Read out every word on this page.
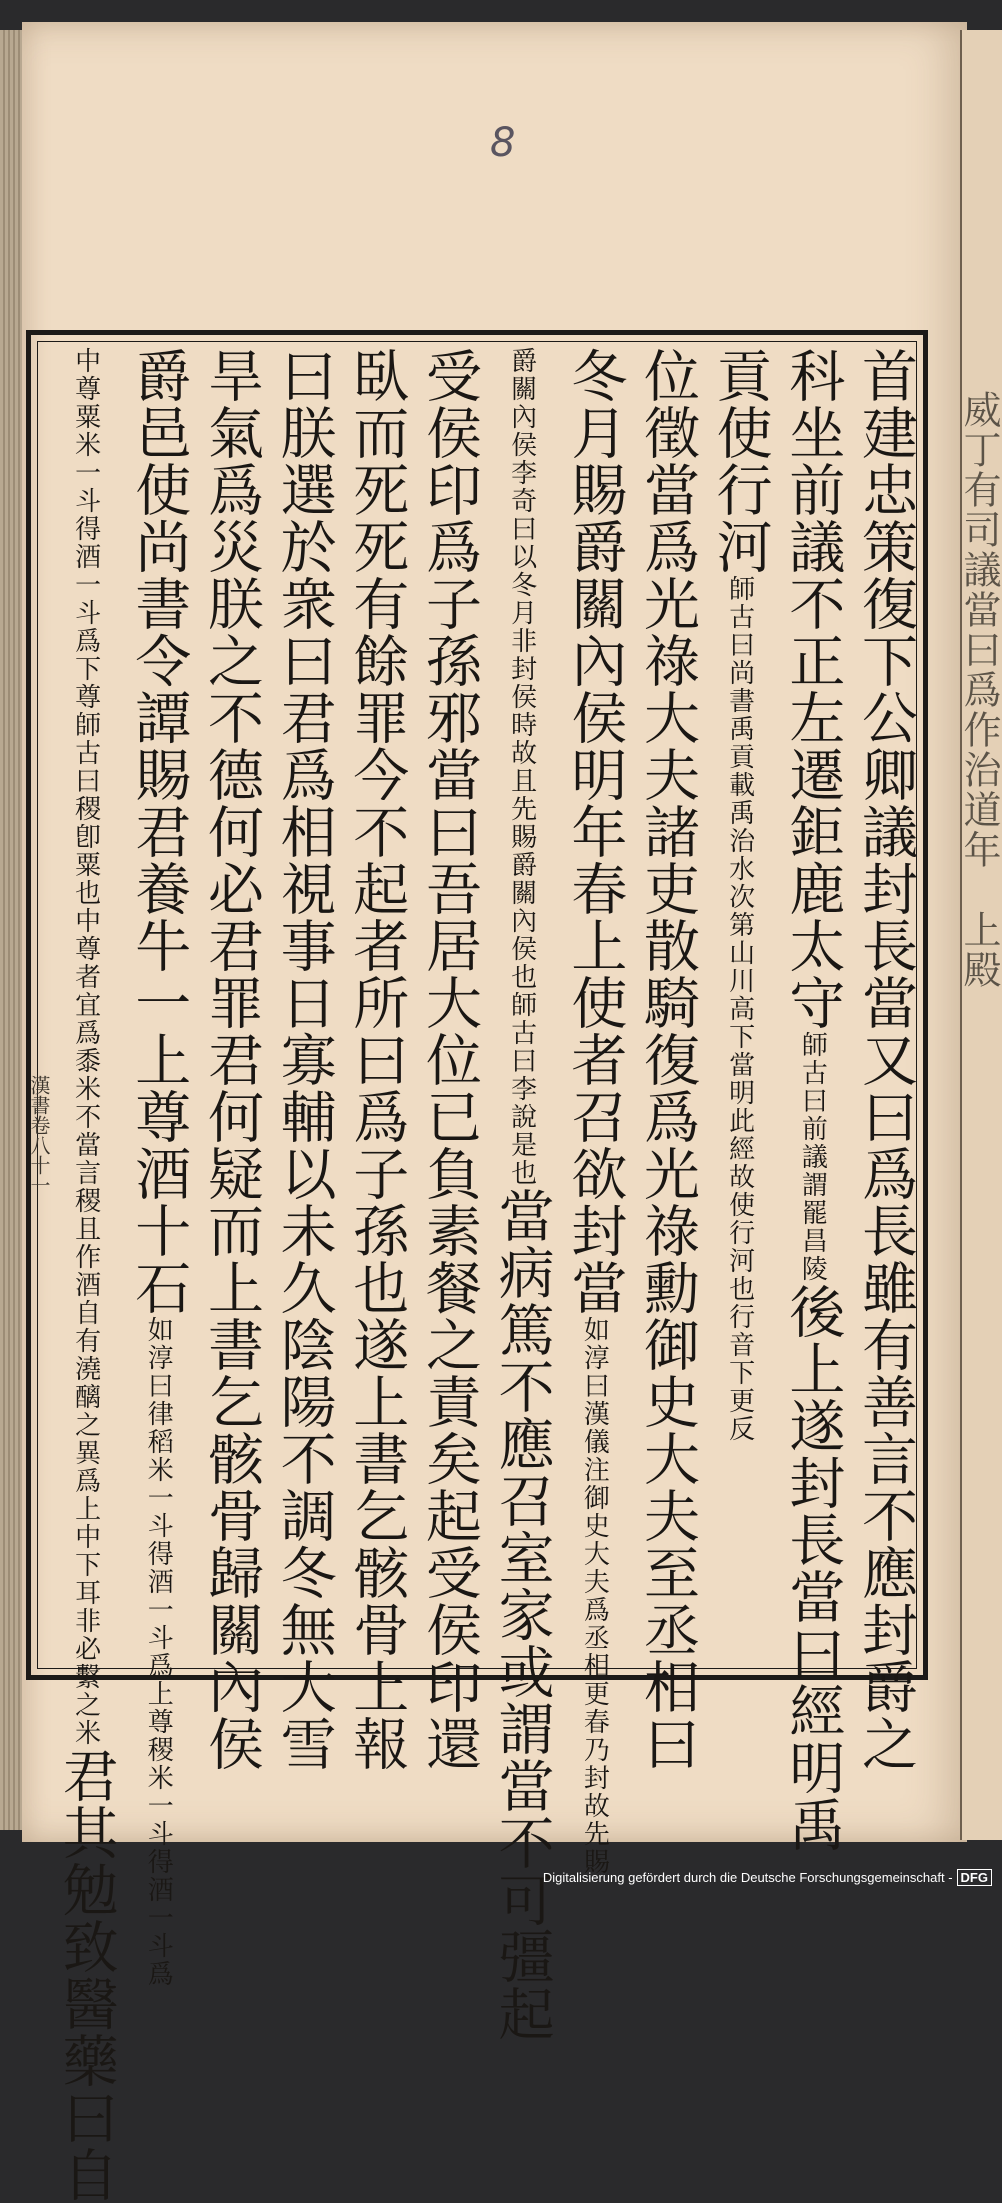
威丁有司議當曰爲作治道年　上殿
8
漢書卷八十一	首建忠策復下公卿議封長當又曰爲長雖有善言不應封爵之
科坐前議不正左遷鉅鹿太守師古曰前議謂罷昌陵後上遂封長當曰經明禹
貢使行河師古曰尚書禹貢載禹治水次第山川高下當明此經故使行河也行音下更反
位徵當爲光祿大夫諸吏散騎復爲光祿勳御史大夫至丞相曰
冬月賜爵關內侯明年春上使者召欲封當如淳曰漢儀注御史大夫爲丞相更春乃封故先賜
爵關內侯李奇曰以冬月非封侯時故且先賜爵關內侯也師古曰李說是也當病篤不應召室家或謂當不可彊起
受侯印爲子孫邪當曰吾居大位已負素餐之責矣起受侯印還
臥而死死有餘罪今不起者所曰爲子孫也遂上書乞骸骨上報
曰朕選於衆曰君爲相視事日寡輔以未久陰陽不調冬無大雪
旱氣爲災朕之不德何必君罪君何疑而上書乞骸骨歸關內侯
爵邑使尚書令譚賜君養牛一上尊酒十石如淳曰律稻米一斗得酒一斗爲上尊稷米一斗得酒一斗爲
中尊粟米一斗得酒一斗爲下尊師古曰稷卽粟也中尊者宜爲黍米不當言稷且作酒自有澆醨之異爲上中下耳非必繫之米君其勉致醫藥曰自	Digitalisierung gefördert durch die Deutsche Forschungsgemeinschaft - DFG
